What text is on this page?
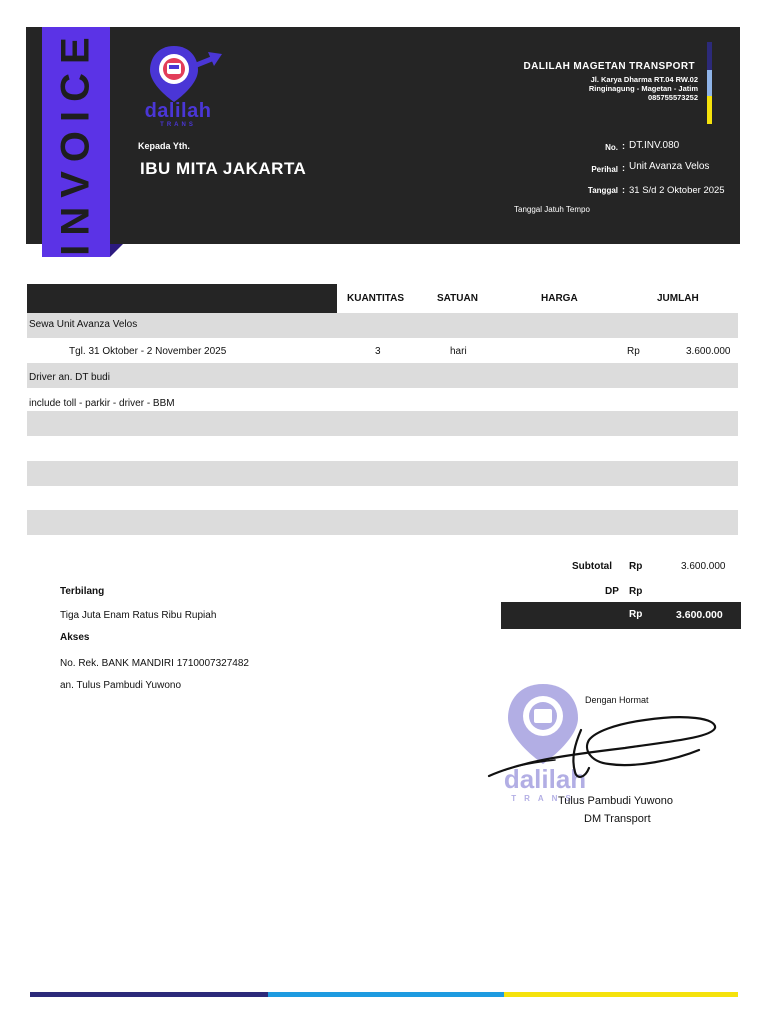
INVOICE	dalilah
TRANS
Kepada Yth.
IBU MITA JAKARTA
DALILAH MAGETAN TRANSPORT
Jl. Karya Dharma RT.04 RW.02
Ringinagung - Magetan - Jatim
085755573252
No. : DT.INV.080
Perihal : Unit Avanza Velos
Tanggal : 31 S/d 2 Oktober 2025
Tanggal Jatuh Tempo
KUANTITAS	SATUAN	HARGA	JUMLAH
Sewa Unit Avanza Velos
Tgl. 31 Oktober - 2 November 2025	3	hari	Rp	3.600.000
Driver an. DT budi
include toll - parkir - driver - BBM
Subtotal Rp	3.600.000
DP Rp
Rp	3.600.000
Terbilang
Tiga Juta Enam Ratus Ribu Rupiah
Akses
No. Rek. BANK MANDIRI 1710007327482
an. Tulus Pambudi Yuwono
dalilah
TRANS
Dengan Hormat
Tulus Pambudi Yuwono
DM Transport
